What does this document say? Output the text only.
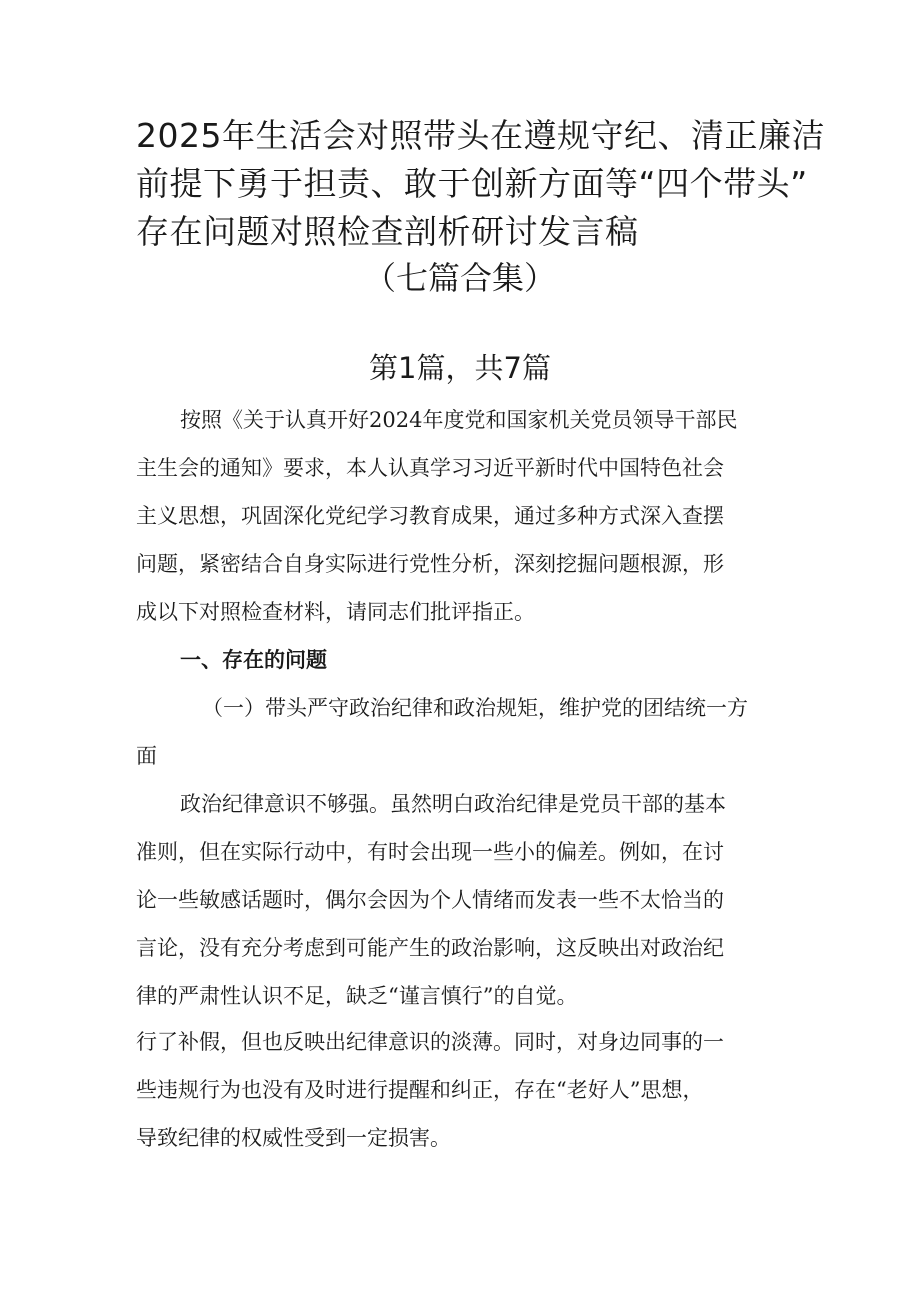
2025年生活会对照带头在遵规守纪、清正廉洁
前提下勇于担责、敢于创新方面等“四个带头”
存在问题对照检查剖析研讨发言稿
（七篇合集）
第1篇，共7篇
按照《关于认真开好2024年度党和国家机关党员领导干部民
主生会的通知》要求，本人认真学习习近平新时代中国特色社会
主义思想，巩固深化党纪学习教育成果，通过多种方式深入查摆
问题，紧密结合自身实际进行党性分析，深刻挖掘问题根源，形
成以下对照检查材料，请同志们批评指正。
一、存在的问题
（一）带头严守政治纪律和政治规矩，维护党的团结统一方
面
政治纪律意识不够强。虽然明白政治纪律是党员干部的基本
准则，但在实际行动中，有时会出现一些小的偏差。例如，在讨
论一些敏感话题时，偶尔会因为个人情绪而发表一些不太恰当的
言论，没有充分考虑到可能产生的政治影响，这反映出对政治纪
律的严肃性认识不足，缺乏“谨言慎行”的自觉。
行了补假，但也反映出纪律意识的淡薄。同时，对身边同事的一
些违规行为也没有及时进行提醒和纠正，存在“老好人”思想，
导致纪律的权威性受到一定损害。
